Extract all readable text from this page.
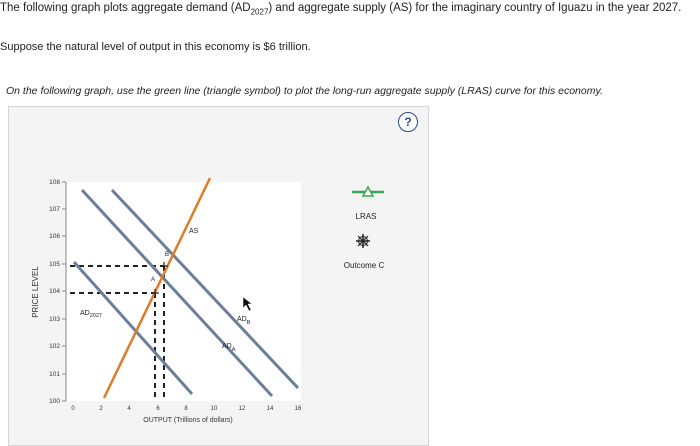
The following graph plots aggregate demand $(AD_{2027})$ and aggregate supply (AS) for the imaginary country of Iguazu in the year 2027.
Suppose the natural level of output in this economy is $6 trillion.
On the following graph, use the green line (triangle symbol) to plot the long-run aggregate supply (LRAS) curve for this economy.
?
108
107
106
105
104
103
102
101
100
PRICE LEVEL
0	2	4	6	8	10	12	14	16
OUTPUT (Trillions of dollars)
A
B
AS
$AD_{2027}$	$AD_B$
$AD_A$
LRAS
Outcome C
